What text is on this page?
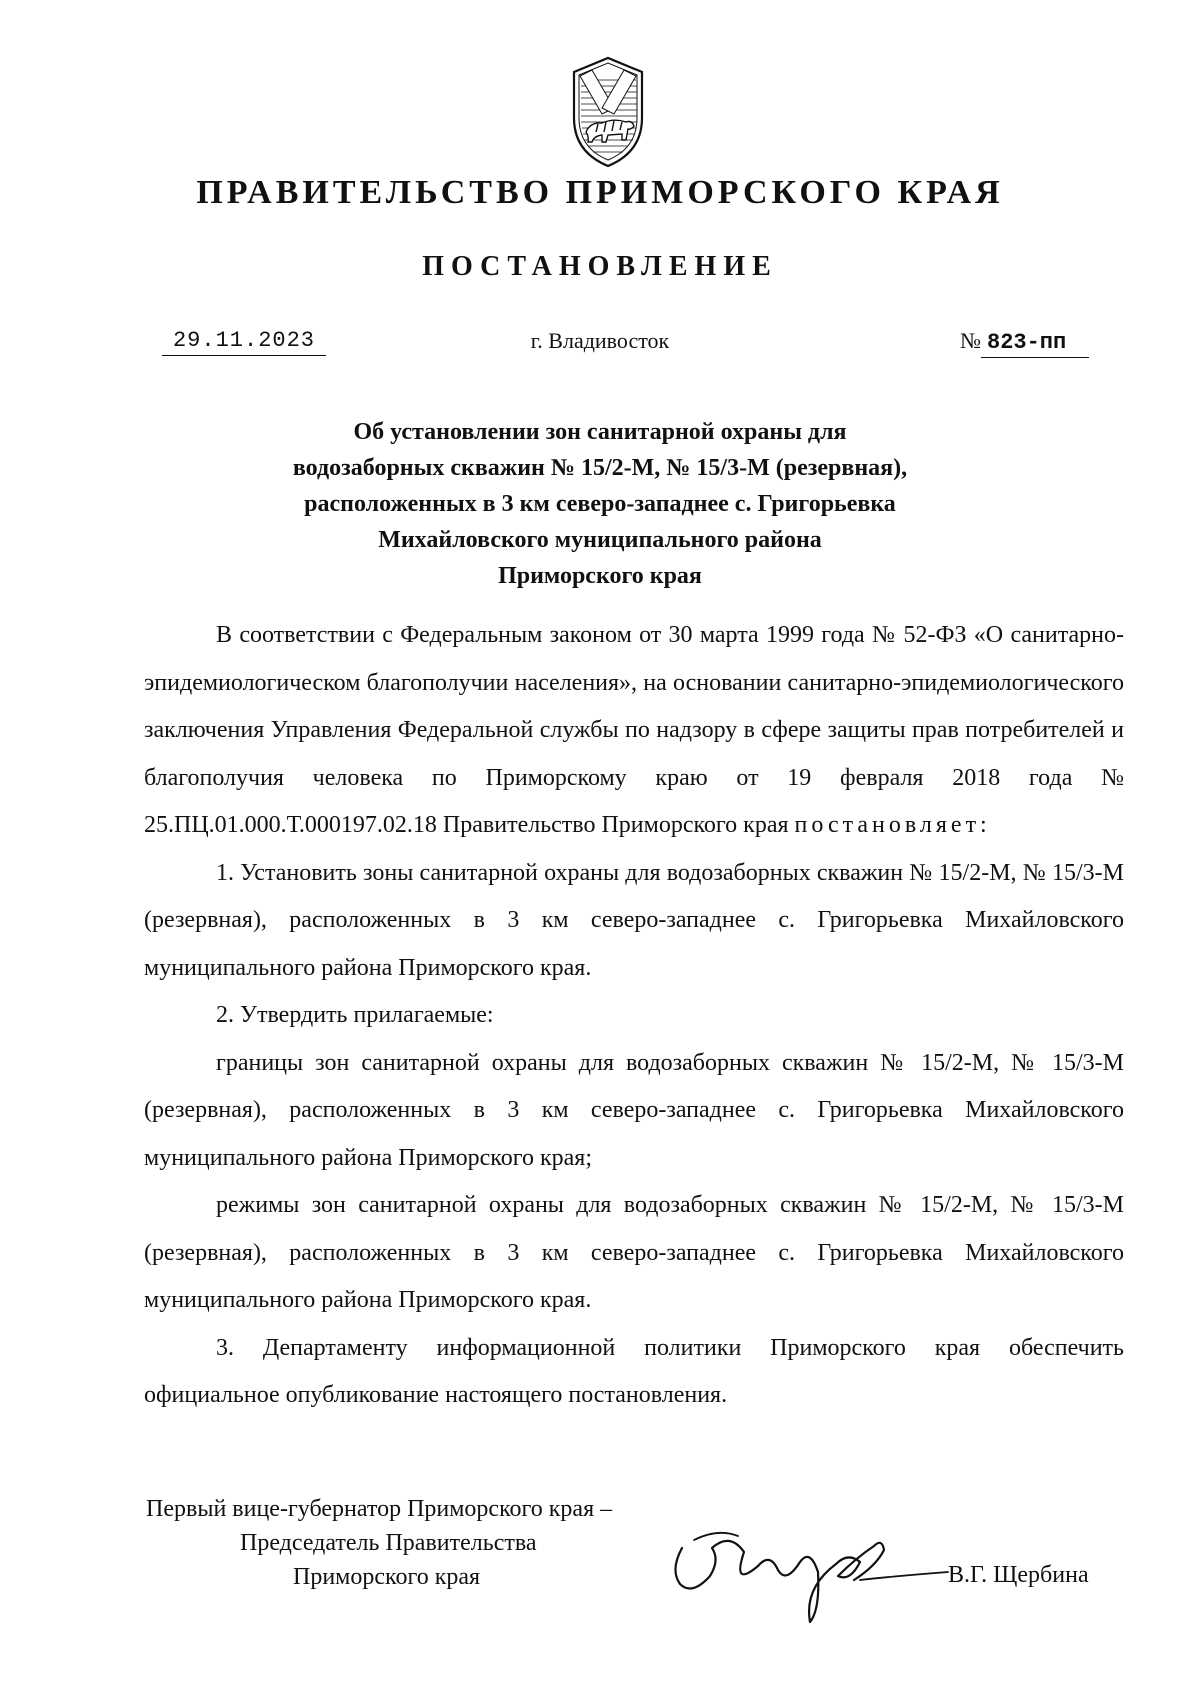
ПРАВИТЕЛЬСТВО ПРИМОРСКОГО КРАЯ
ПОСТАНОВЛЕНИЕ
29.11.2023	г. Владивосток	№ 823-пп
Об установлении зон санитарной охраны для
водозаборных скважин № 15/2-М, № 15/3-М (резервная),
расположенных в 3 км северо-западнее с. Григорьевка
Михайловского муниципального района
Приморского края

В соответствии с Федеральным законом от 30 марта 1999 года № 52-ФЗ «О санитарно-эпидемиологическом благополучии населения», на основании санитарно-эпидемиологического заключения Управления Федеральной службы по надзору в сфере защиты прав потребителей и благополучия человека по Приморскому краю от 19 февраля 2018 года № 25.ПЦ.01.000.Т.000197.02.18 Правительство Приморского края постановляет:

1. Установить зоны санитарной охраны для водозаборных скважин № 15/2-М, № 15/3-М (резервная), расположенных в 3 км северо-западнее с. Григорьевка Михайловского муниципального района Приморского края.

2. Утвердить прилагаемые:

границы зон санитарной охраны для водозаборных скважин № 15/2-М, № 15/3-М (резервная), расположенных в 3 км северо-западнее с. Григорьевка Михайловского муниципального района Приморского края;

режимы зон санитарной охраны для водозаборных скважин № 15/2-М, № 15/3-М (резервная), расположенных в 3 км северо-западнее с. Григорьевка Михайловского муниципального района Приморского края.

3. Департаменту информационной политики Приморского края обеспечить официальное опубликование настоящего постановления.

Первый вице-губернатор Приморского края –
Председатель Правительства
Приморского края	В.Г. Щербина
